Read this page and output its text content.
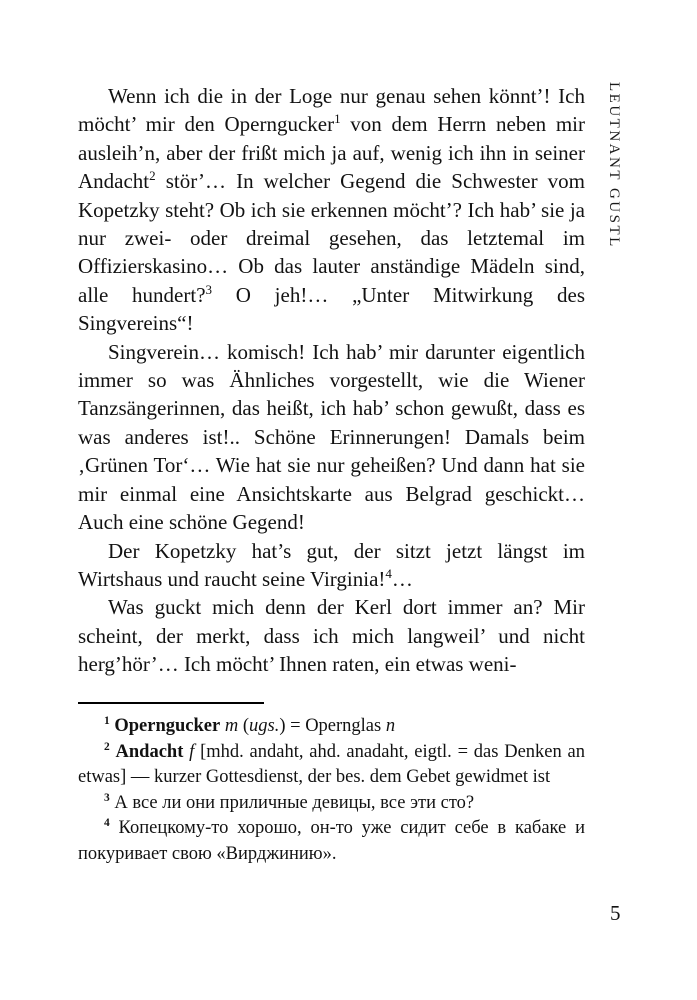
LEUTNANT GUSTL

Wenn ich die in der Loge nur genau sehen könnt’! Ich möcht’ mir den Operngucker$^1$ von dem Herrn neben mir ausleih’n, aber der frißt mich ja auf, wenig ich ihn in seiner Andacht$^2$ stör’… In welcher Gegend die Schwester vom Kopetzky steht? Ob ich sie erkennen möcht’? Ich hab’ sie ja nur zwei- oder dreimal gesehen, das letztemal im Offizierskasino… Ob das lauter anständige Mädeln sind, alle hundert?$^3$ O jeh!… „Unter Mitwirkung des Singvereins“!

Singverein… komisch! Ich hab’ mir darunter eigentlich immer so was Ähnliches vorgestellt, wie die Wiener Tanzsängerinnen, das heißt, ich hab’ schon gewußt, dass es was anderes ist!.. Schöne Erinnerungen! Damals beim ‚Grünen Tor‘… Wie hat sie nur geheißen? Und dann hat sie mir einmal eine Ansichtskarte aus Belgrad geschickt… Auch eine schöne Gegend!

Der Kopetzky hat’s gut, der sitzt jetzt längst im Wirtshaus und raucht seine Virginia!$^4$…

Was guckt mich denn der Kerl dort immer an? Mir scheint, der merkt, dass ich mich langweil’ und nicht herg’hör’… Ich möcht’ Ihnen raten, ein etwas weni-

$^1$ Operngucker m (ugs.) = Opernglas n

$^2$ Andacht f [mhd. andaht, ahd. anadaht, eigtl. = das Denken an etwas] — kurzer Gottesdienst, der bes. dem Gebet gewidmet ist

$^3$ А все ли они приличные девицы, все эти сто?

$^4$ Копецкому-то хорошо, он-то уже сидит себе в кабаке и покуривает свою «Вирджинию».

5
